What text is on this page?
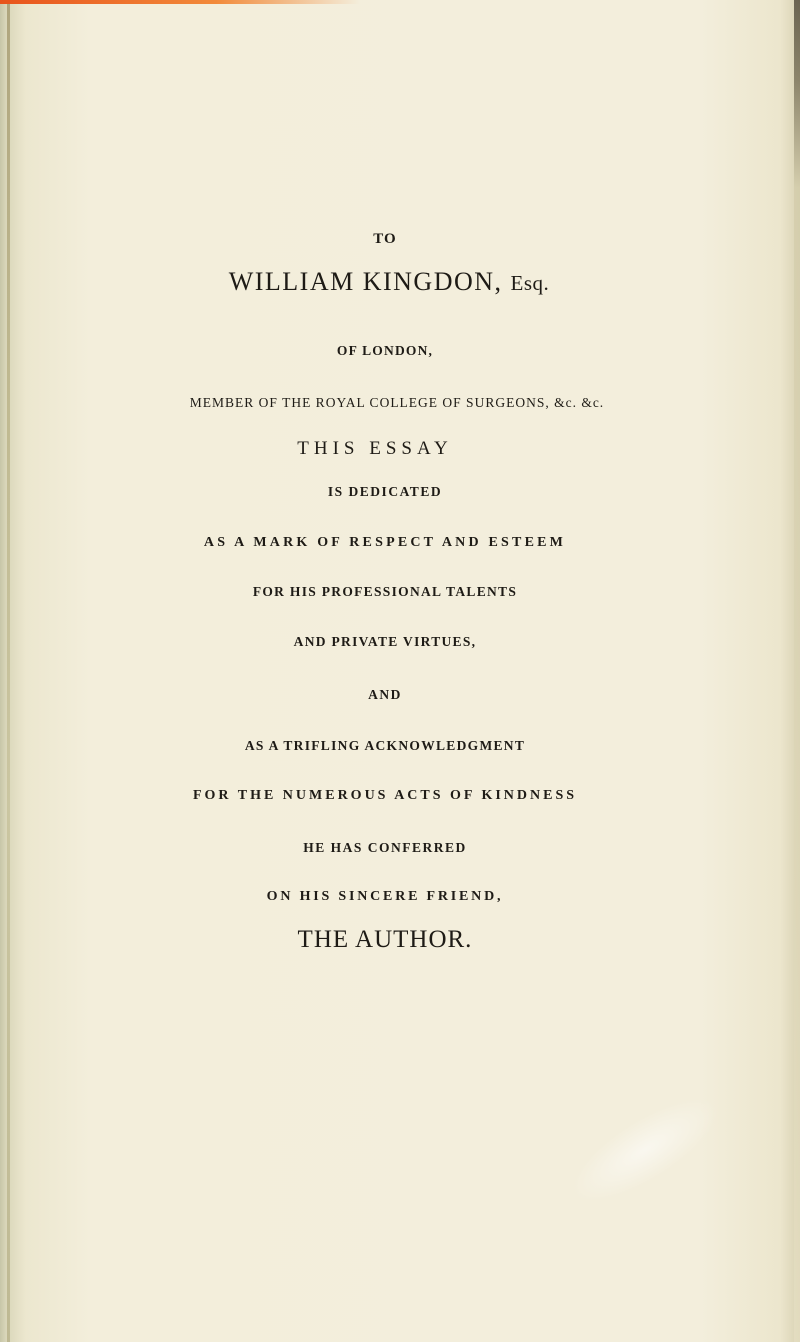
TO

WILLIAM KINGDON, Esq.

OF LONDON,

MEMBER OF THE ROYAL COLLEGE OF SURGEONS, &c. &c.

THIS ESSAY

IS DEDICATED

AS A MARK OF RESPECT AND ESTEEM

FOR HIS PROFESSIONAL TALENTS

AND PRIVATE VIRTUES,

AND

AS A TRIFLING ACKNOWLEDGMENT

FOR THE NUMEROUS ACTS OF KINDNESS

HE HAS CONFERRED

ON HIS SINCERE FRIEND,

THE AUTHOR.
